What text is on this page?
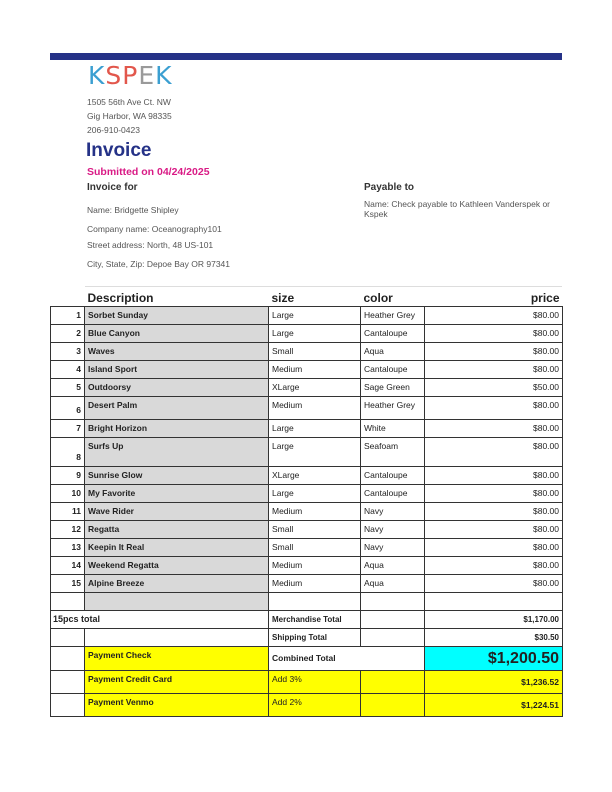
K S P E K
1505 56th Ave Ct. NW
Gig Harbor, WA 98335
206-910-0423
Invoice
Submitted on 04/24/2025
Invoice for
Name: Bridgette Shipley
Company name: Oceanography101
Street address: North, 48 US-101
City, State, Zip: Depoe Bay OR 97341
Payable to
Name: Check payable to Kathleen Vanderspek or Kspek
	Description	size	color	price
1	Sorbet Sunday	Large	Heather Grey	$80.00
2	Blue Canyon	Large	Cantaloupe	$80.00
3	Waves	Small	Aqua	$80.00
4	Island Sport	Medium	Cantaloupe	$80.00
5	Outdoorsy	XLarge	Sage Green	$50.00
6	Desert Palm	Medium	Heather Grey	$80.00
7	Bright Horizon	Large	White	$80.00
8	Surfs Up	Large	Seafoam	$80.00
9	Sunrise Glow	XLarge	Cantaloupe	$80.00
10	My Favorite	Large	Cantaloupe	$80.00
11	Wave Rider	Medium	Navy	$80.00
12	Regatta	Small	Navy	$80.00
13	Keepin It Real	Small	Navy	$80.00
14	Weekend Regatta	Medium	Aqua	$80.00
15	Alpine Breeze	Medium	Aqua	$80.00

15pcs total		Merchandise Total		$1,170.00
		Shipping Total		$30.50
	Payment Check	Combined Total		$1,200.50
	Payment Credit Card	Add 3%		$1,236.52
	Payment Venmo	Add 2%		$1,224.51
